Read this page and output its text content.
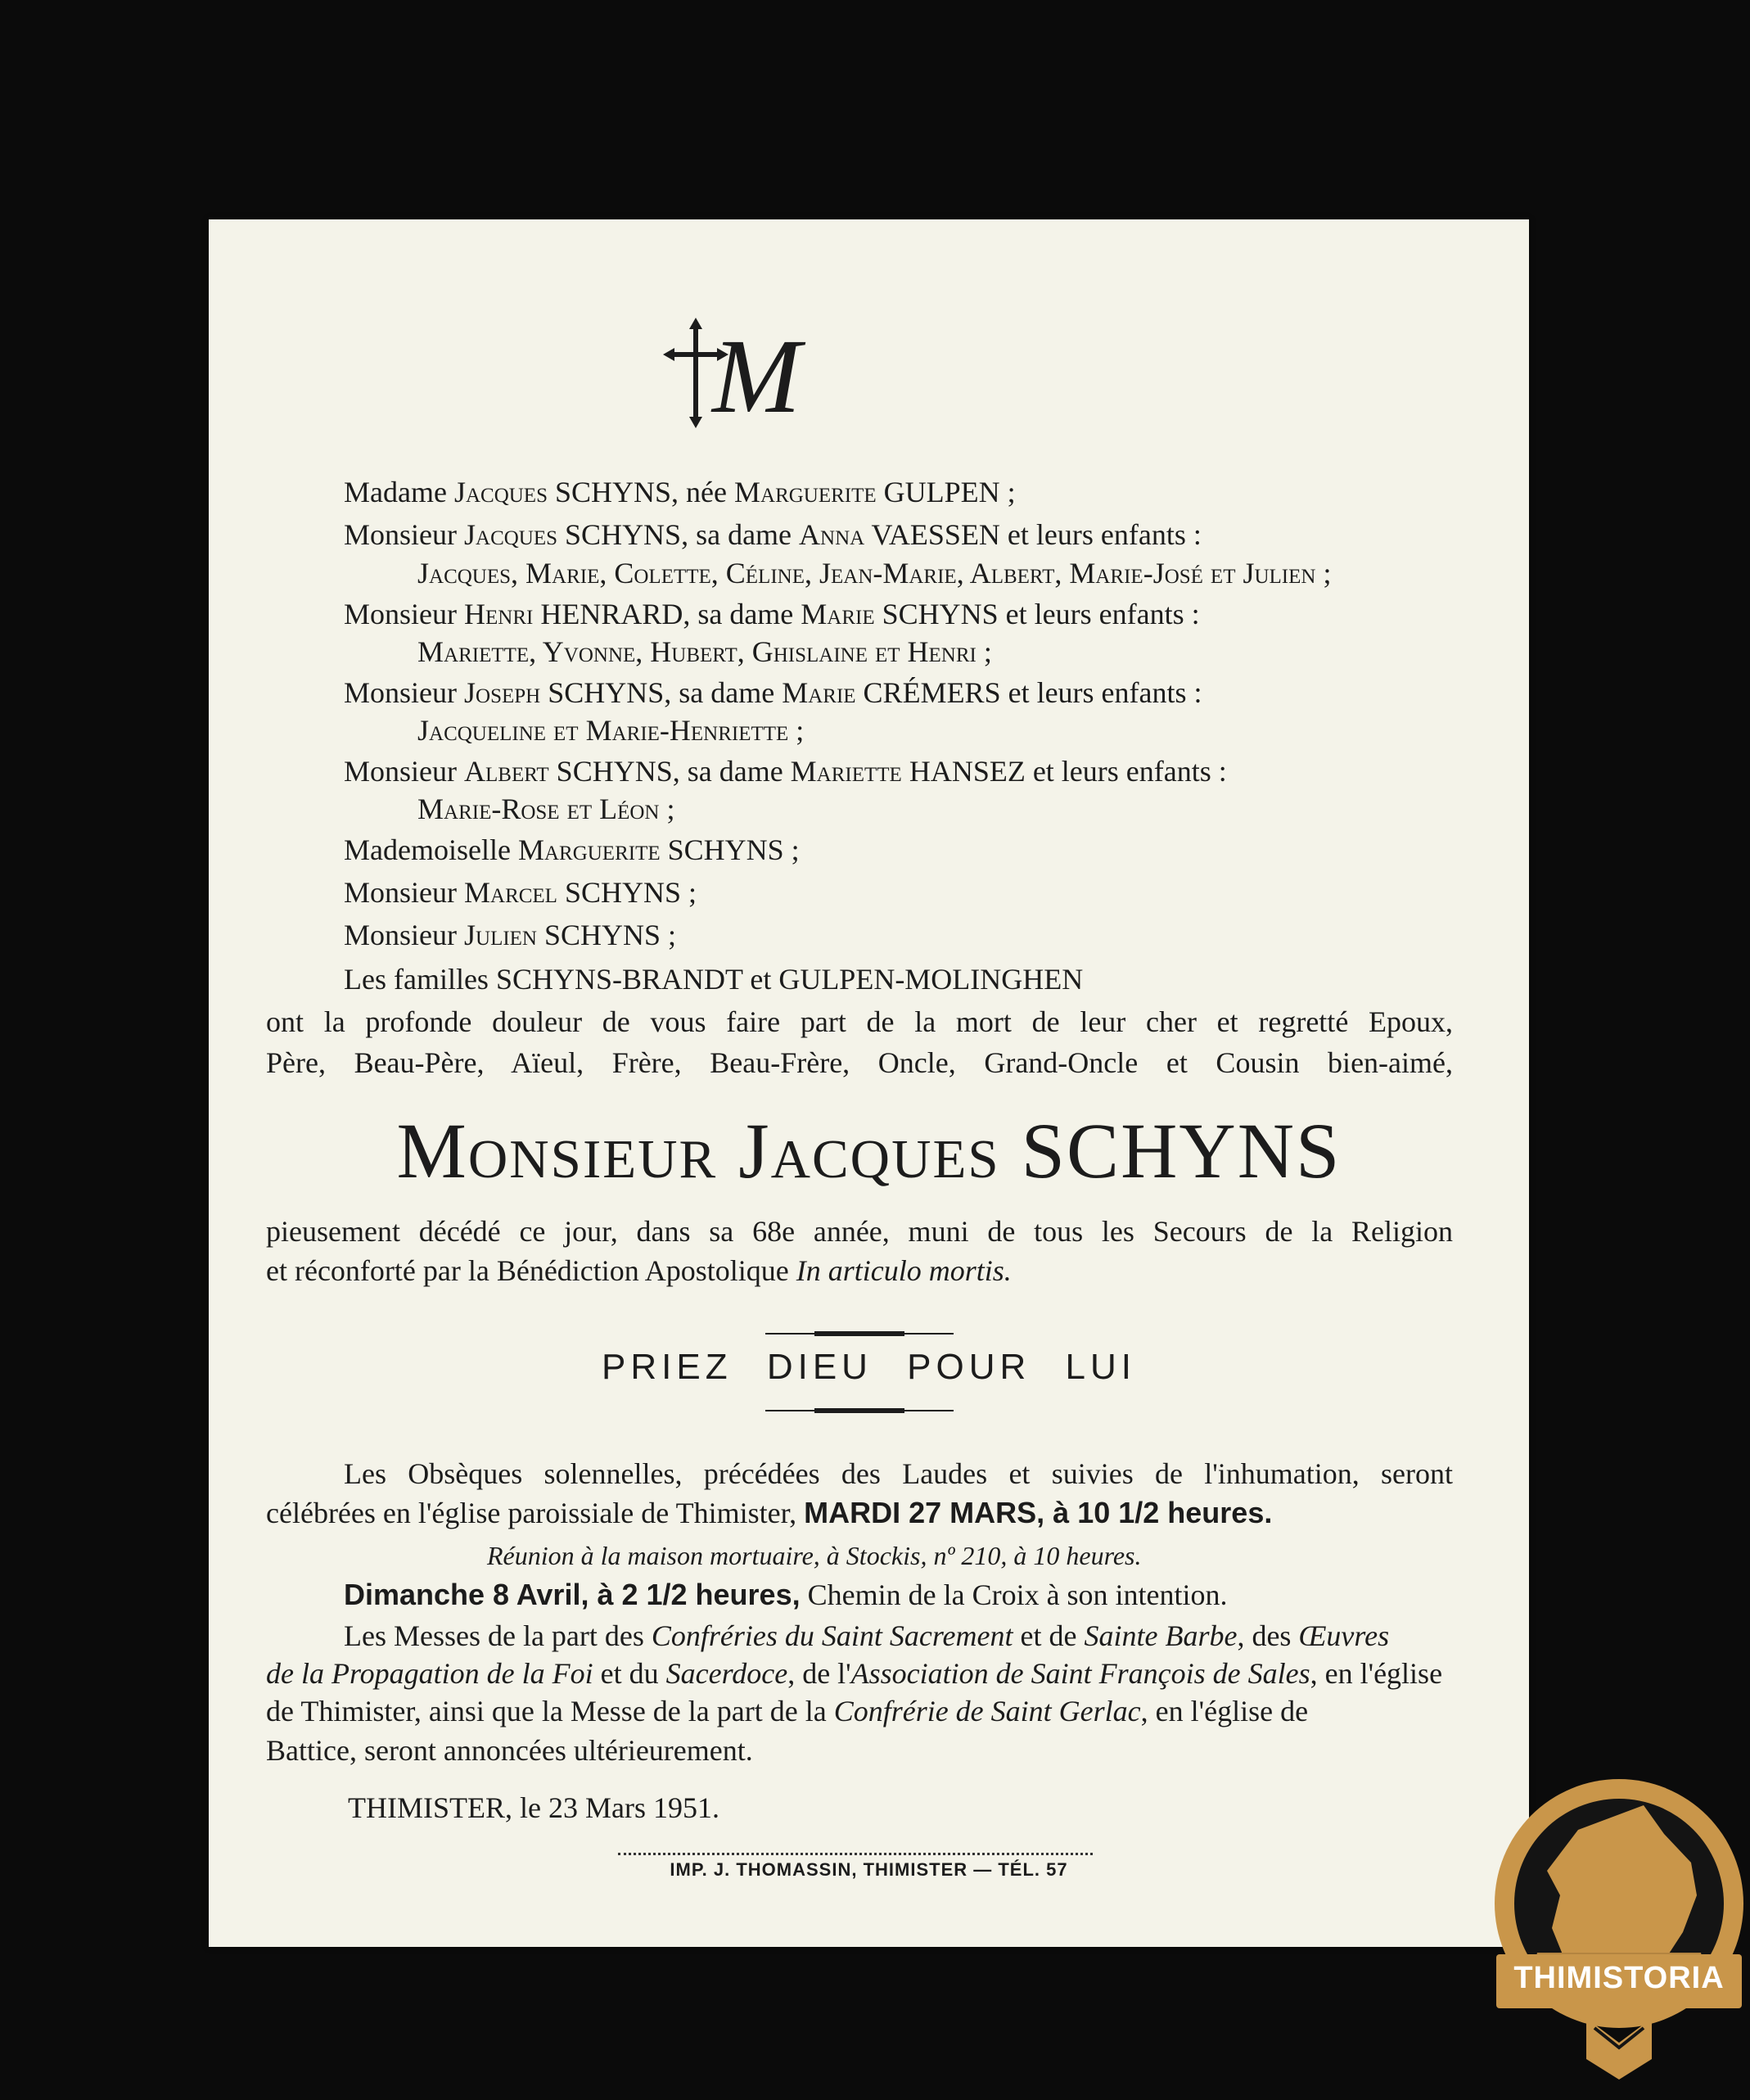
M
Madame Jacques SCHYNS, née Marguerite GULPEN ;
Monsieur Jacques SCHYNS, sa dame Anna VAESSEN et leurs enfants :
Jacques, Marie, Colette, Céline, Jean-Marie, Albert, Marie-José et Julien ;
Monsieur Henri HENRARD, sa dame Marie SCHYNS et leurs enfants :
Mariette, Yvonne, Hubert, Ghislaine et Henri ;
Monsieur Joseph SCHYNS, sa dame Marie CRÉMERS et leurs enfants :
Jacqueline et Marie-Henriette ;
Monsieur Albert SCHYNS, sa dame Mariette HANSEZ et leurs enfants :
Marie-Rose et Léon ;
Mademoiselle Marguerite SCHYNS ;
Monsieur Marcel SCHYNS ;
Monsieur Julien SCHYNS ;
Les familles SCHYNS-BRANDT et GULPEN-MOLINGHEN
ont la profonde douleur de vous faire part de la mort de leur cher et regretté Epoux,
Père, Beau-Père, Aïeul, Frère, Beau-Frère, Oncle, Grand-Oncle et Cousin bien-aimé,
Monsieur Jacques SCHYNS
pieusement décédé ce jour, dans sa 68e année, muni de tous les Secours de la Religion
et réconforté par la Bénédiction Apostolique In articulo mortis.
PRIEZ DIEU POUR LUI
Les Obsèques solennelles, précédées des Laudes et suivies de l'inhumation, seront
célébrées en l'église paroissiale de Thimister, MARDI 27 MARS, à 10 1/2 heures.
Réunion à la maison mortuaire, à Stockis, nº 210, à 10 heures.
Dimanche 8 Avril, à 2 1/2 heures, Chemin de la Croix à son intention.
Les Messes de la part des Confréries du Saint Sacrement et de Sainte Barbe, des Œuvres
de la Propagation de la Foi et du Sacerdoce, de l'Association de Saint François de Sales, en l'église
de Thimister, ainsi que la Messe de la part de la Confrérie de Saint Gerlac, en l'église de
Battice, seront annoncées ultérieurement.
THIMISTER, le 23 Mars 1951.
IMP. J. THOMASSIN, THIMISTER — TÉL. 57
THIMISTORIA
